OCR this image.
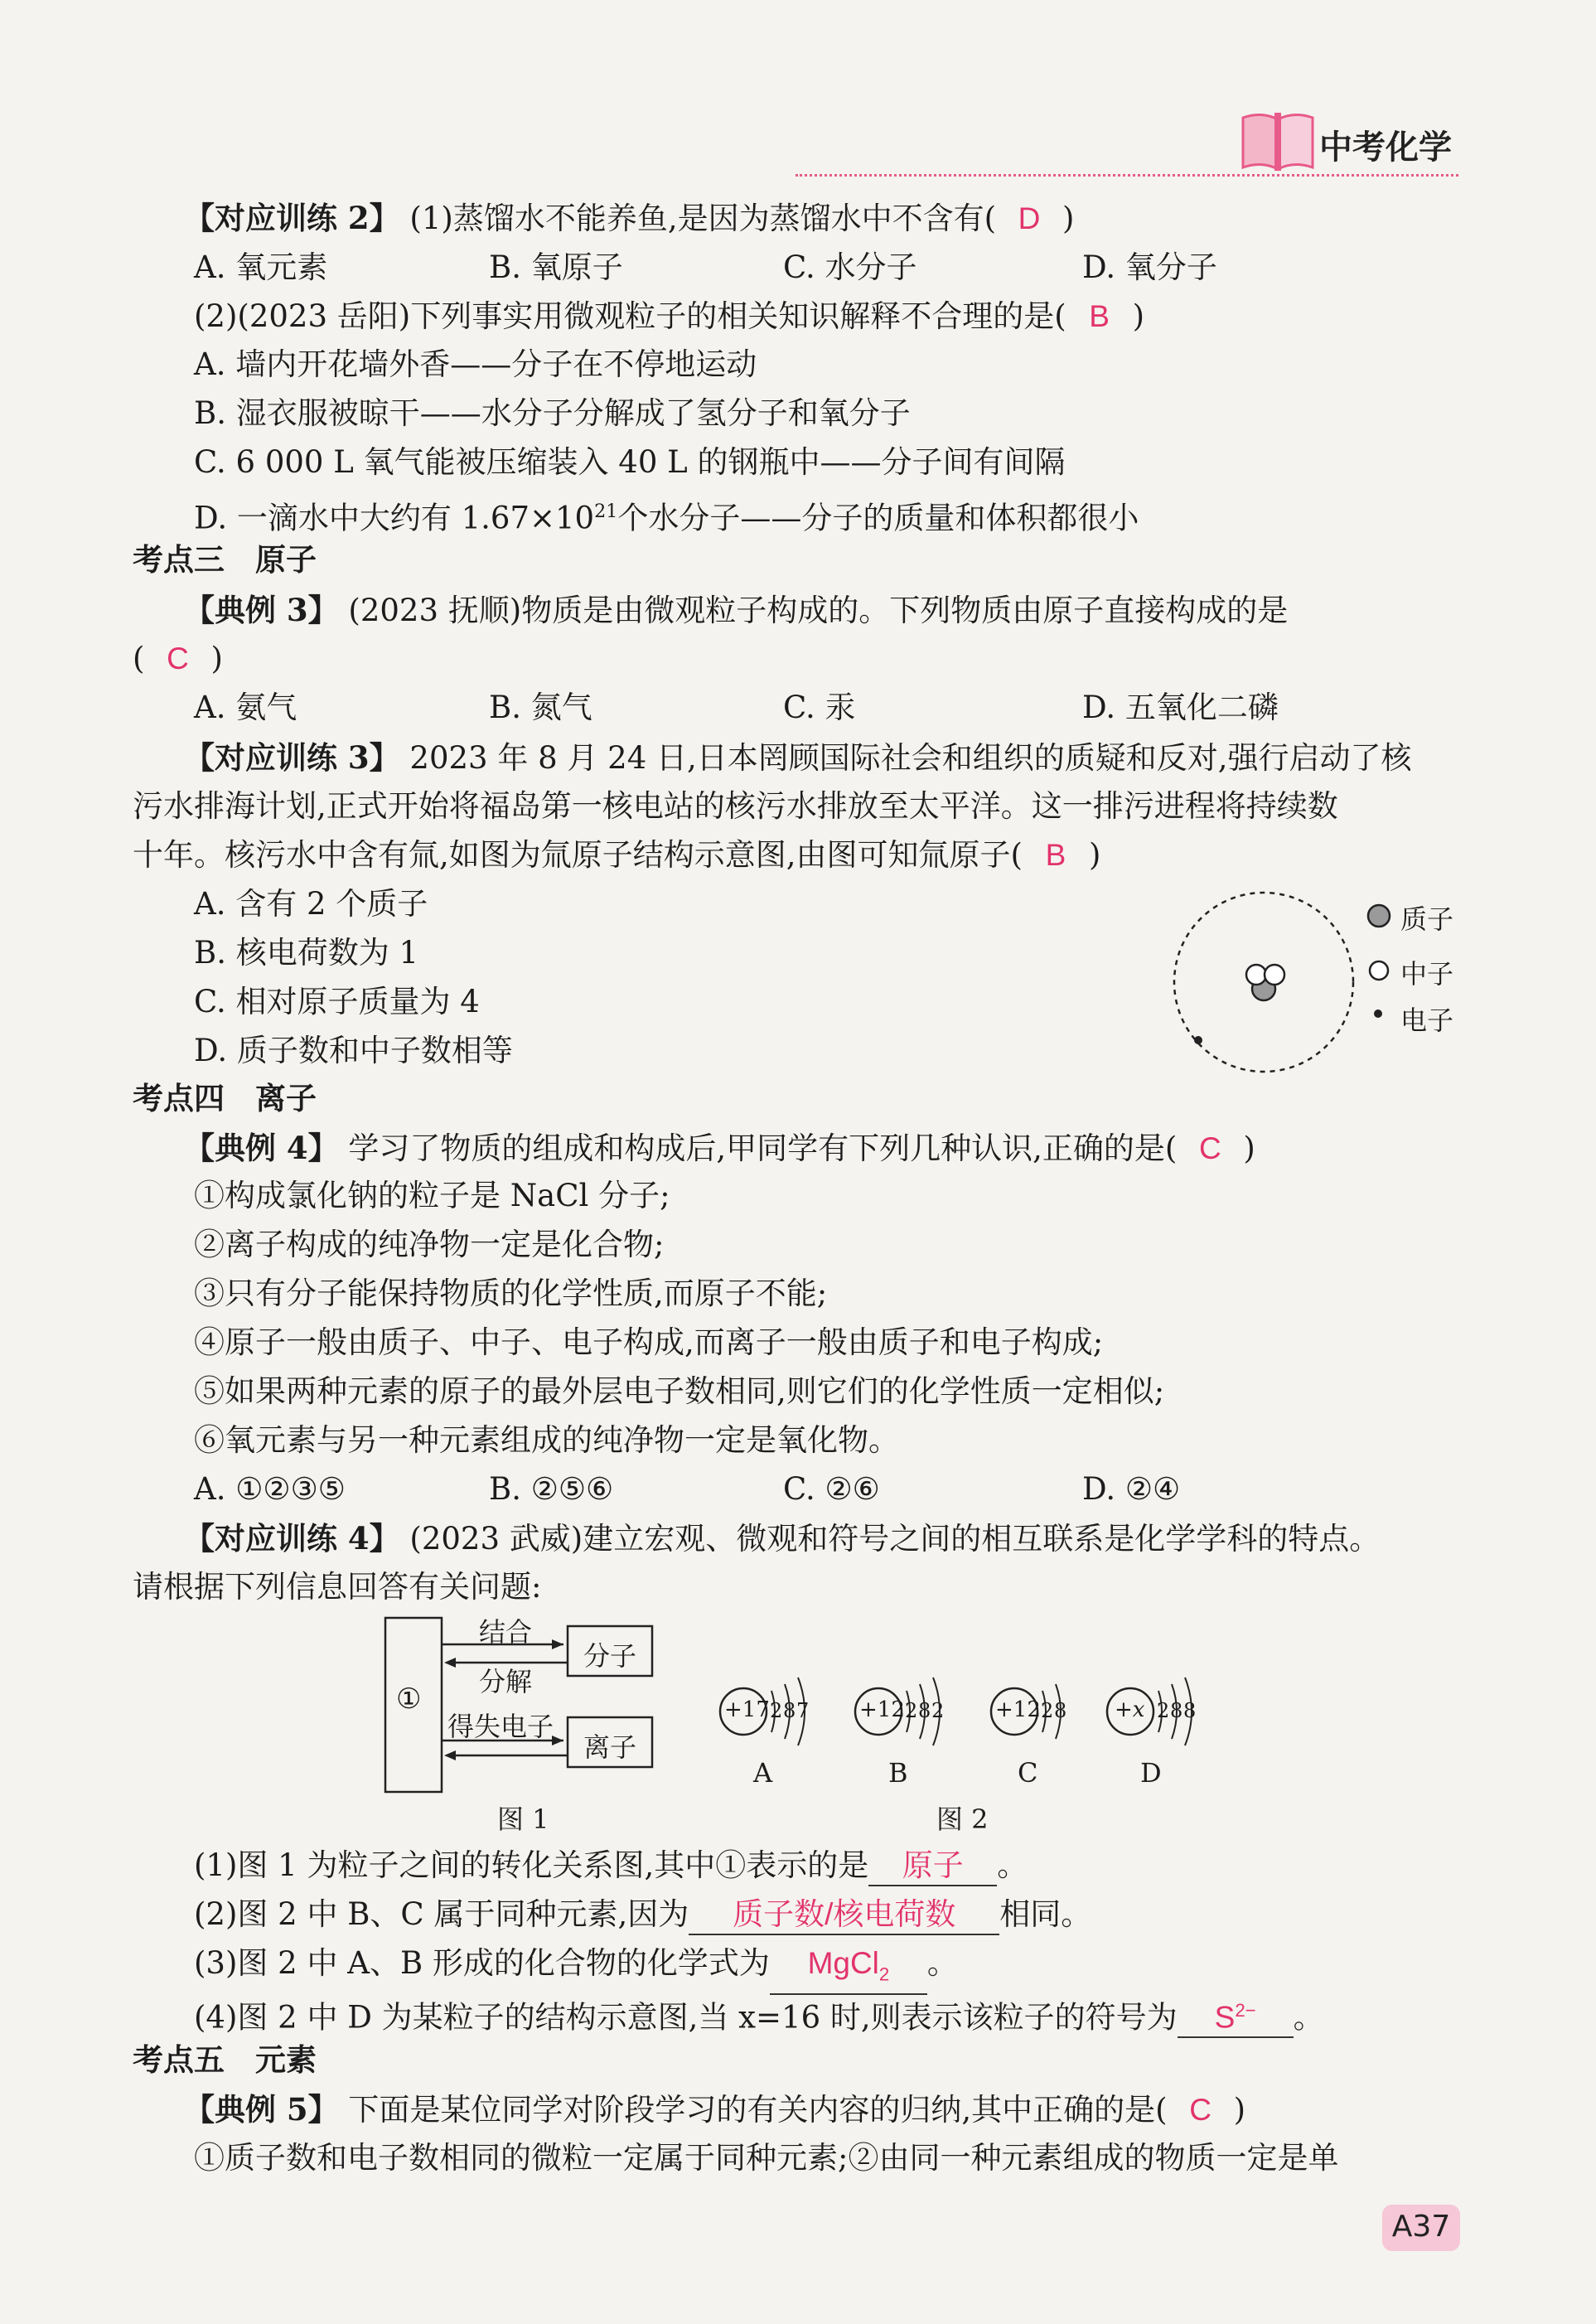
中考化学
【对应训练 2】 (1)蒸馏水不能养鱼,是因为蒸馏水中不含有( D )
A. 氧元素	B. 氧原子	C. 水分子	D. 氧分子
(2)(2023 岳阳)下列事实用微观粒子的相关知识解释不合理的是( B )
A. 墙内开花墙外香——分子在不停地运动
B. 湿衣服被晾干——水分子分解成了氢分子和氧分子
C. 6 000 L 氧气能被压缩装入 40 L 的钢瓶中——分子间有间隔
D. 一滴水中大约有 $1.67\times 10^{21}$个水分子——分子的质量和体积都很小
考点三　原子
【典例 3】 (2023 抚顺)物质是由微观粒子构成的。下列物质由原子直接构成的是
( C )
A. 氨气	B. 氮气	C. 汞	D. 五氧化二磷
【对应训练 3】 2023 年 8 月 24 日,日本罔顾国际社会和组织的质疑和反对,强行启动了核
污水排海计划,正式开始将福岛第一核电站的核污水排放至太平洋。这一排污进程将持续数
十年。核污水中含有氚,如图为氚原子结构示意图,由图可知氚原子( B )
A. 含有 2 个质子
B. 核电荷数为 1
C. 相对原子质量为 4
D. 质子数和中子数相等
质子
中子
电子
考点四　离子
【典例 4】 学习了物质的组成和构成后,甲同学有下列几种认识,正确的是( C )
①构成氯化钠的粒子是 NaCl 分子;
②离子构成的纯净物一定是化合物;
③只有分子能保持物质的化学性质,而原子不能;
④原子一般由质子、中子、电子构成,而离子一般由质子和电子构成;
⑤如果两种元素的原子的最外层电子数相同,则它们的化学性质一定相似;
⑥氧元素与另一种元素组成的纯净物一定是氧化物。
A. ①②③⑤	B. ②⑤⑥	C. ②⑥	D. ②④
【对应训练 4】 (2023 武威)建立宏观、微观和符号之间的相互联系是化学学科的特点。
请根据下列信息回答有关问题:
①
结合
分解
得失电子
分子
离子
图 1
+17 2 8 7
A
+12 2 8 2
B
+12 2 8
C
+x 2 8 8
D
图 2
(1)图 1 为粒子之间的转化关系图,其中①表示的是 原子 。
(2)图 2 中 B、C 属于同种元素,因为 质子数/核电荷数 相同。
(3)图 2 中 A、B 形成的化合物的化学式为 MgCl$_2$ 。
(4)图 2 中 D 为某粒子的结构示意图,当 x=16 时,则表示该粒子的符号为 $S^{2-}$ 。
考点五　元素
【典例 5】 下面是某位同学对阶段学习的有关内容的归纳,其中正确的是( C )
①质子数和电子数相同的微粒一定属于同种元素;②由同一种元素组成的物质一定是单
A37
